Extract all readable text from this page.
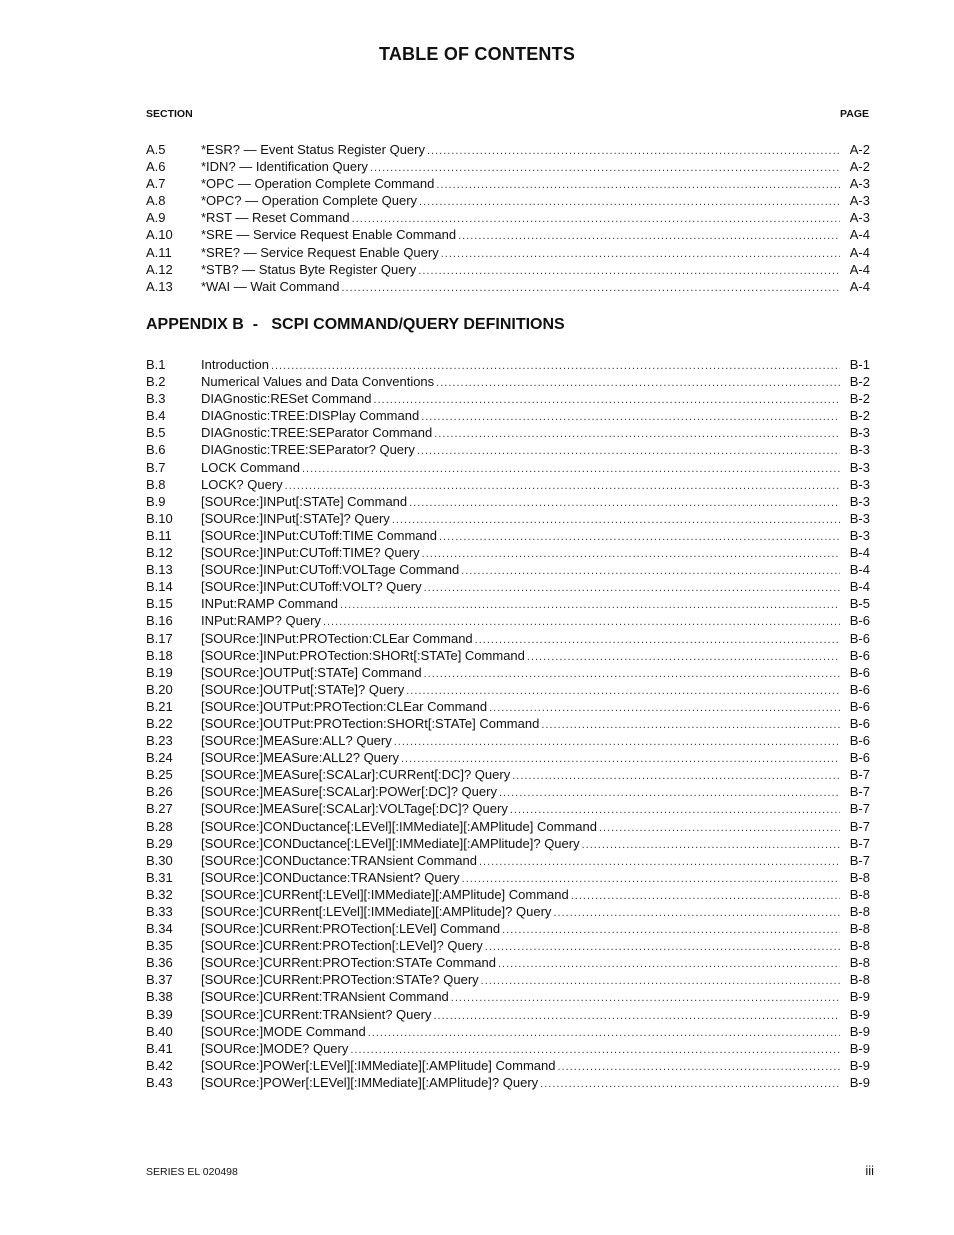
TABLE OF CONTENTS
SECTION	PAGE
A.5	*ESR? — Event Status Register Query .....	A-2
A.6	*IDN? — Identification Query .....	A-2
A.7	*OPC — Operation Complete Command .....	A-3
A.8	*OPC? — Operation Complete Query .....	A-3
A.9	*RST — Reset Command .....	A-3
A.10	*SRE — Service Request Enable Command .....	A-4
A.11	*SRE? — Service Request Enable Query .....	A-4
A.12	*STB? — Status Byte Register Query .....	A-4
A.13	*WAI — Wait Command .....	A-4
APPENDIX B  - SCPI COMMAND/QUERY DEFINITIONS
B.1	Introduction .....	B-1
B.2	Numerical Values and Data Conventions .....	B-2
B.3	DIAGnostic:RESet Command .....	B-2
B.4	DIAGnostic:TREE:DISPlay Command .....	B-2
B.5	DIAGnostic:TREE:SEParator Command .....	B-3
B.6	DIAGnostic:TREE:SEParator? Query .....	B-3
B.7	LOCK Command .....	B-3
B.8	LOCK? Query .....	B-3
B.9	[SOURce:]INPut[:STATe] Command .....	B-3
B.10	[SOURce:]INPut[:STATe]? Query .....	B-3
B.11	[SOURce:]INPut:CUToff:TIME Command .....	B-3
B.12	[SOURce:]INPut:CUToff:TIME? Query .....	B-4
B.13	[SOURce:]INPut:CUToff:VOLTage Command .....	B-4
B.14	[SOURce:]INPut:CUToff:VOLT? Query .....	B-4
B.15	INPut:RAMP Command .....	B-5
B.16	INPut:RAMP? Query .....	B-6
B.17	[SOURce:]INPut:PROTection:CLEar Command .....	B-6
B.18	[SOURce:]INPut:PROTection:SHORt[:STATe] Command .....	B-6
B.19	[SOURce:]OUTPut[:STATe] Command .....	B-6
B.20	[SOURce:]OUTPut[:STATe]? Query .....	B-6
B.21	[SOURce:]OUTPut:PROTection:CLEar Command .....	B-6
B.22	[SOURce:]OUTPut:PROTection:SHORt[:STATe] Command .....	B-6
B.23	[SOURce:]MEASure:ALL? Query .....	B-6
B.24	[SOURce:]MEASure:ALL2? Query .....	B-6
B.25	[SOURce:]MEASure[:SCALar]:CURRent[:DC]? Query .....	B-7
B.26	[SOURce:]MEASure[:SCALar]:POWer[:DC]? Query .....	B-7
B.27	[SOURce:]MEASure[:SCALar]:VOLTage[:DC]? Query .....	B-7
B.28	[SOURce:]CONDuctance[:LEVel][:IMMediate][:AMPlitude] Command .....	B-7
B.29	[SOURce:]CONDuctance[:LEVel][:IMMediate][:AMPlitude]? Query .....	B-7
B.30	[SOURce:]CONDuctance:TRANsient Command .....	B-7
B.31	[SOURce:]CONDuctance:TRANsient? Query .....	B-8
B.32	[SOURce:]CURRent[:LEVel][:IMMediate][:AMPlitude] Command .....	B-8
B.33	[SOURce:]CURRent[:LEVel][:IMMediate][:AMPlitude]? Query .....	B-8
B.34	[SOURce:]CURRent:PROTection[:LEVel] Command .....	B-8
B.35	[SOURce:]CURRent:PROTection[:LEVel]? Query .....	B-8
B.36	[SOURce:]CURRent:PROTection:STATe Command .....	B-8
B.37	[SOURce:]CURRent:PROTection:STATe? Query .....	B-8
B.38	[SOURce:]CURRent:TRANsient Command .....	B-9
B.39	[SOURce:]CURRent:TRANsient? Query .....	B-9
B.40	[SOURce:]MODE Command .....	B-9
B.41	[SOURce:]MODE? Query .....	B-9
B.42	[SOURce:]POWer[:LEVel][:IMMediate][:AMPlitude] Command .....	B-9
B.43	[SOURce:]POWer[:LEVel][:IMMediate][:AMPlitude]? Query .....	B-9
SERIES EL 020498	iii
